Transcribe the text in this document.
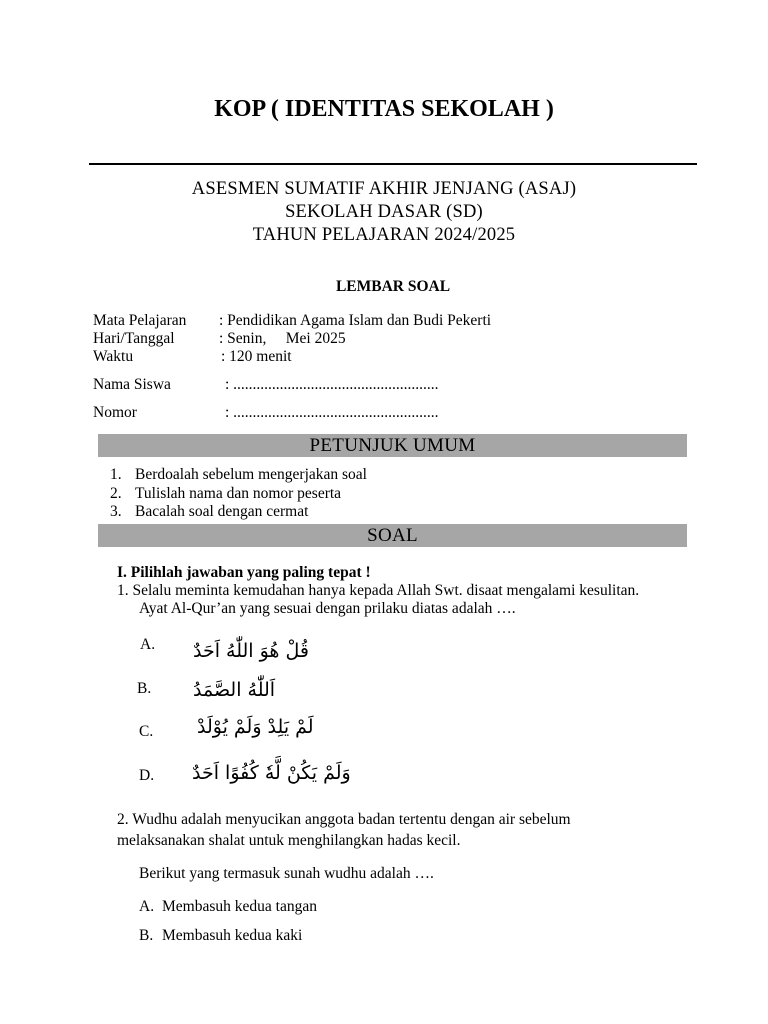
KOP ( IDENTITAS SEKOLAH )
ASESMEN SUMATIF AKHIR JENJANG (ASAJ)
SEKOLAH DASAR (SD)
TAHUN PELAJARAN 2024/2025
LEMBAR SOAL
Mata Pelajaran : Pendidikan Agama Islam dan Budi Pekerti
Hari/Tanggal	: Senin,     Mei 2025
Waktu	: 120 menit
Nama Siswa	: .....................................................
Nomor	: .....................................................
PETUNJUK UMUM
1. Berdoalah sebelum mengerjakan soal
2. Tulislah nama dan nomor peserta
3. Bacalah soal dengan cermat
SOAL
I. Pilihlah jawaban yang paling tepat !
1. Selalu meminta kemudahan hanya kepada Allah Swt. disaat mengalami kesulitan.
Ayat Al-Qur’an yang sesuai dengan prilaku diatas adalah ….
A. قُلْ هُوَ اللّٰهُ اَحَدٌ
B. اَللّٰهُ الصَّمَدُ
C. لَمْ يَلِدْ وَلَمْ يُوْلَدْ
D. وَلَمْ يَكُنْ لَّهٗ كُفُوًا اَحَدٌ
2. Wudhu adalah menyucikan anggota badan tertentu dengan air sebelum
melaksanakan shalat untuk menghilangkan hadas kecil.
Berikut yang termasuk sunah wudhu adalah ….
A. Membasuh kedua tangan
B. Membasuh kedua kaki
